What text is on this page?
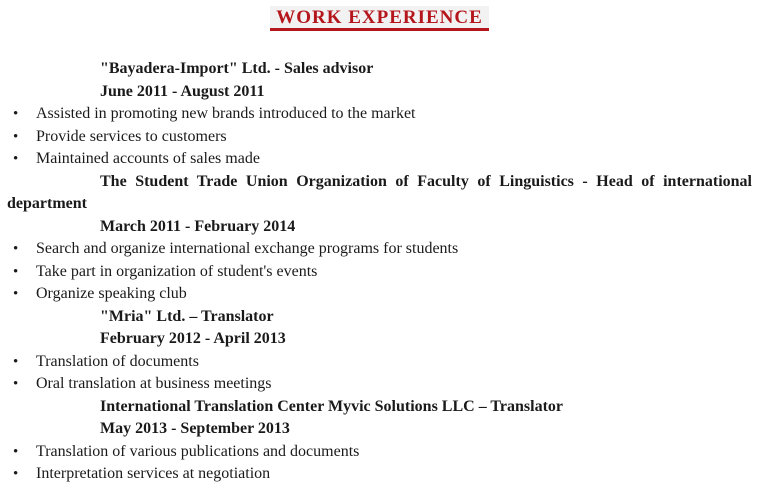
WORK EXPERIENCE

"Bayadera-Import" Ltd. - Sales advisor

June 2011 - August 2011

• Assisted in promoting new brands introduced to the market
• Provide services to customers
• Maintained accounts of sales made

The Student Trade Union Organization of Faculty of Linguistics - Head of international department

March 2011 - February 2014

• Search and organize international exchange programs for students
• Take part in organization of student's events
• Organize speaking club

"Mria" Ltd. – Translator

February 2012 - April 2013

• Translation of documents
• Oral translation at business meetings

International Translation Center Myvic Solutions LLC – Translator

May 2013 - September 2013

• Translation of various publications and documents
• Interpretation services at negotiation
